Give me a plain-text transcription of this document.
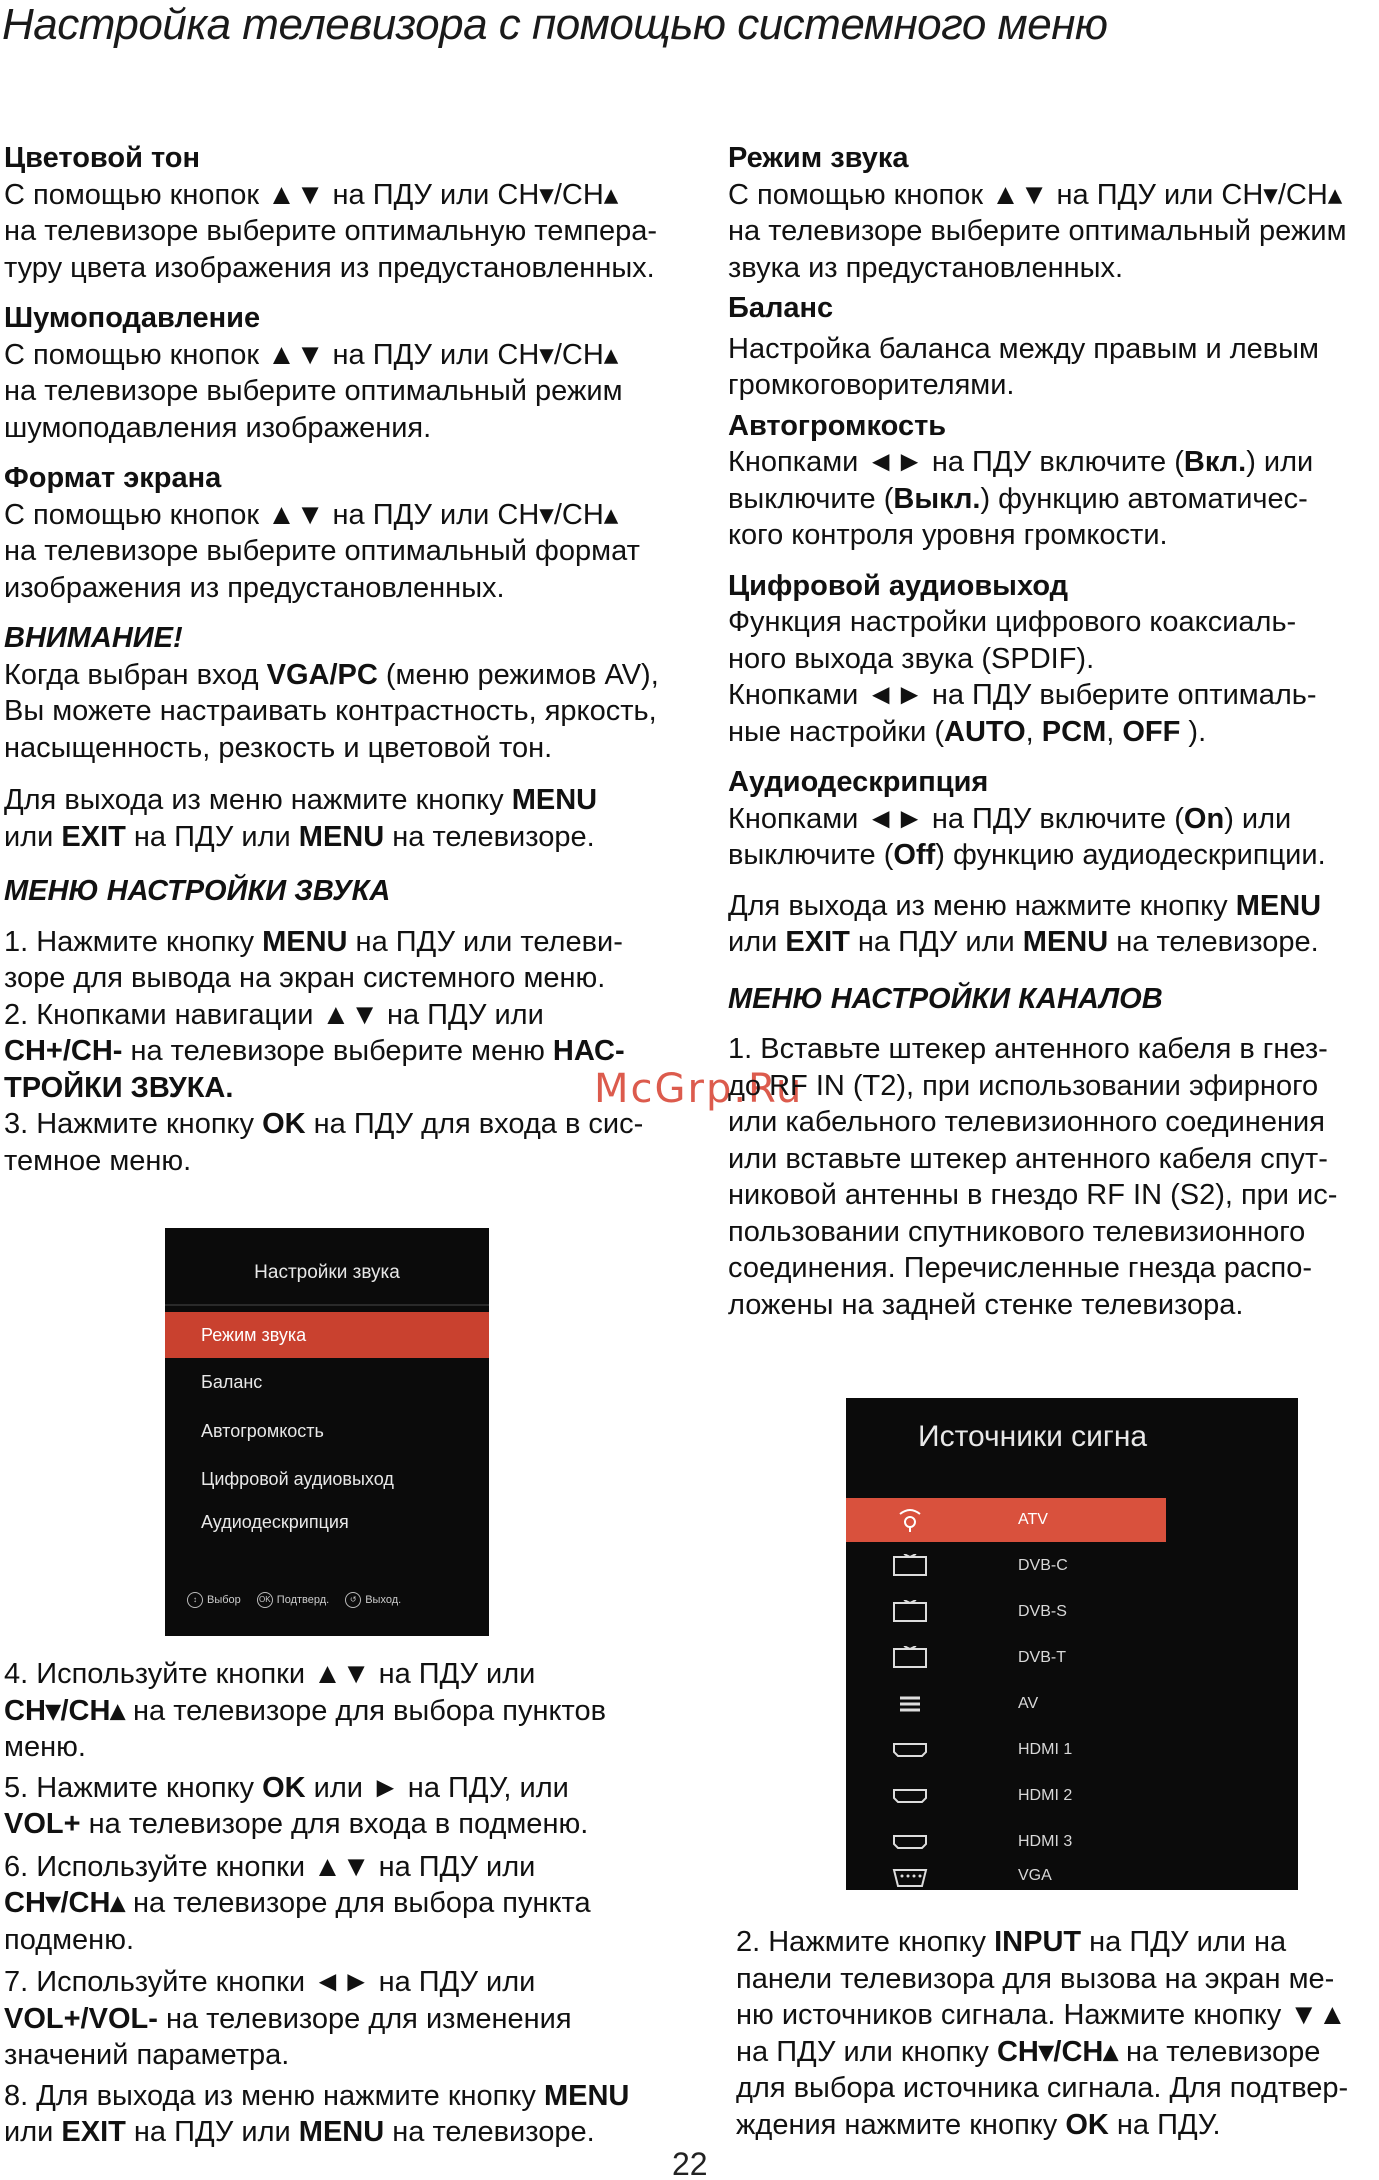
Настройка телевизора с помощью системного меню
Цветовой тон
С помощью кнопок ▲▼ на ПДУ или CH▾/CH▴
на телевизоре выберите оптимальную темпера-
туру цвета изображения из предустановленных.
Шумоподавление
С помощью кнопок ▲▼ на ПДУ или CH▾/CH▴
на телевизоре выберите оптимальный режим
шумоподавления изображения.
Формат экрана
С помощью кнопок ▲▼ на ПДУ или CH▾/CH▴
на телевизоре выберите оптимальный формат
изображения из предустановленных.
ВНИМАНИЕ!
Когда выбран вход VGA/PC (меню режимов AV),
Вы можете настраивать контрастность, яркость,
насыщенность, резкость и цветовой тон.
Для выхода из меню нажмите кнопку MENU
или EXIT на ПДУ или MENU на телевизоре.
МЕНЮ НАСТРОЙКИ ЗВУКА
1. Нажмите кнопку MENU на ПДУ или телеви-
зоре для вывода на экран системного меню.
2. Кнопками навигации ▲▼ на ПДУ или
CH+/CH- на телевизоре выберите меню НАС-
ТРОЙКИ ЗВУКА.
3. Нажмите кнопку OK на ПДУ для входа в сис-
темное меню.
McGrp.Ru
Настройки звука
Режим звука
Баланс
Автогромкость
Цифровой аудиовыход
Аудиодескрипция
↕ Выбор OK Подтверд.	↺ Выход.
4. Используйте кнопки ▲▼ на ПДУ или
CH▾/CH▴ на телевизоре для выбора пунктов
меню.
5. Нажмите кнопку OK или ► на ПДУ, или
VOL+ на телевизоре для входа в подменю.
6. Используйте кнопки ▲▼ на ПДУ или
CH▾/CH▴ на телевизоре для выбора пункта
подменю.
7. Используйте кнопки ◄► на ПДУ или
VOL+/VOL- на телевизоре для изменения
значений параметра.
8. Для выхода из меню нажмите кнопку MENU
или EXIT на ПДУ или MENU на телевизоре.
Режим звука
С помощью кнопок ▲▼ на ПДУ или CH▾/CH▴
на телевизоре выберите оптимальный режим
звука из предустановленных.
Баланс
Настройка баланса между правым и левым
громкоговорителями.
Автогромкость
Кнопками ◄► на ПДУ включите (Вкл.) или
выключите (Выкл.) функцию автоматичес-
кого контроля уровня громкости.
Цифровой аудиовыход
Функция настройки цифрового коаксиаль-
ного выхода звука (SPDIF).
Кнопками ◄► на ПДУ выберите оптималь-
ные настройки (AUTO, PCM, OFF ).
Аудиодескрипция
Кнопками ◄► на ПДУ включите (On) или
выключите (Off) функцию аудиодескрипции.
Для выхода из меню нажмите кнопку MENU
или EXIT на ПДУ или MENU на телевизоре.
МЕНЮ НАСТРОЙКИ КАНАЛОВ
1. Вставьте штекер антенного кабеля в гнез-
до RF IN (T2), при использовании эфирного
или кабельного телевизионного соединения
или вставьте штекер антенного кабеля спут-
никовой антенны в гнездо RF IN (S2), при ис-
пользовании спутникового телевизионного
соединения. Перечисленные гнезда распо-
ложены на задней стенке телевизора.
Источники сигна
ATV
DVB-C
DVB-S
DVB-T
AV
HDMI 1
HDMI 2
HDMI 3
VGA
2. Нажмите кнопку INPUT на ПДУ или на
панели телевизора для вызова на экран ме-
ню источников сигнала. Нажмите кнопку ▼▲
на ПДУ или кнопку CH▾/CH▴ на телевизоре
для выбора источника сигнала. Для подтвер-
ждения нажмите кнопку OK на ПДУ.
22
